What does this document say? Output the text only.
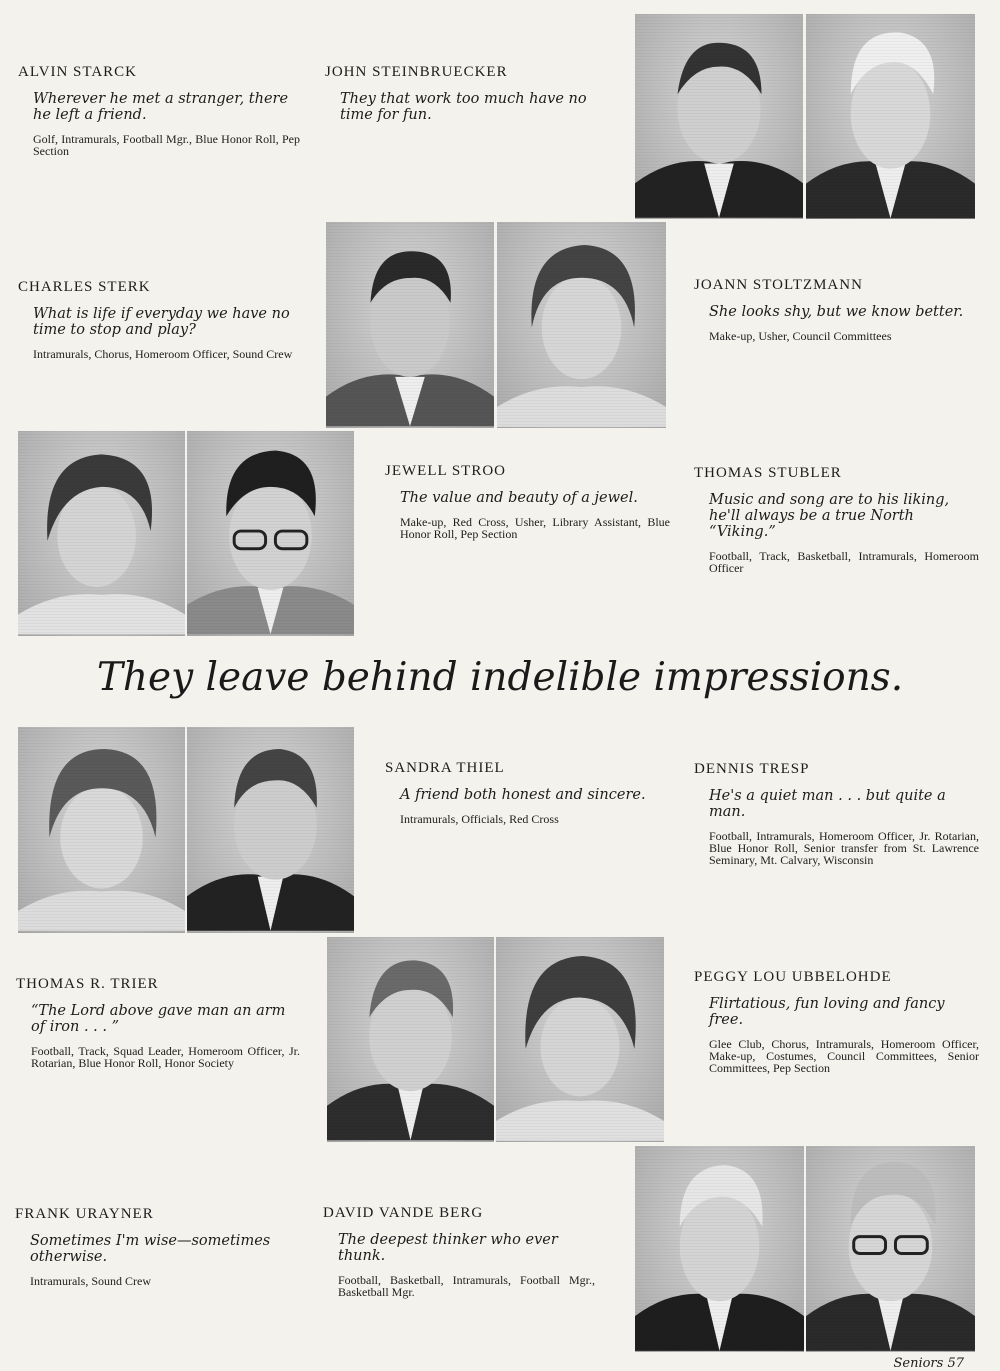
ALVIN STARCK
Wherever he met a stranger, there he left a friend.
Golf, Intramurals, Football Mgr., Blue Honor Roll, Pep Section
JOHN STEINBRUECKER
They that work too much have no time for fun.
CHARLES STERK
What is life if everyday we have no time to stop and play?
Intramurals, Chorus, Homeroom Officer, Sound Crew
JOANN STOLTZMANN
She looks shy, but we know better.
Make-up, Usher, Council Committees
JEWELL STROO
The value and beauty of a jewel.
Make-up, Red Cross, Usher, Library Assistant, Blue Honor Roll, Pep Section
THOMAS STUBLER
Music and song are to his liking, he'll always be a true North “Viking.”
Football, Track, Basketball, Intramurals, Homeroom Officer
They leave behind indelible impressions.
SANDRA THIEL
A friend both honest and sincere.
Intramurals, Officials, Red Cross
DENNIS TRESP
He's a quiet man . . . but quite a man.
Football, Intramurals, Homeroom Officer, Jr. Rotarian, Blue Honor Roll, Senior transfer from St. Lawrence Seminary, Mt. Calvary, Wisconsin
THOMAS R. TRIER
“The Lord above gave man an arm of iron . . . ”
Football, Track, Squad Leader, Homeroom Officer, Jr. Rotarian, Blue Honor Roll, Honor Society
PEGGY LOU UBBELOHDE
Flirtatious, fun loving and fancy free.
Glee Club, Chorus, Intramurals, Homeroom Officer, Make-up, Costumes, Council Committees, Senior Committees, Pep Section
FRANK URAYNER
Sometimes I'm wise—sometimes otherwise.
Intramurals, Sound Crew
DAVID VANDE BERG
The deepest thinker who ever thunk.
Football, Basketball, Intramurals, Football Mgr., Basketball Mgr.
Seniors 57
